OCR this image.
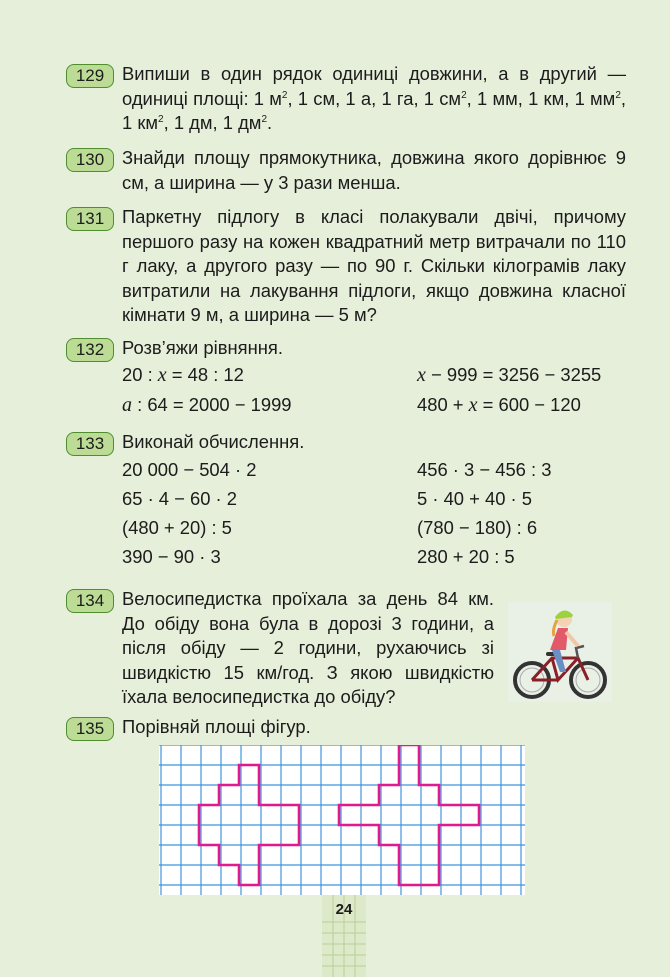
129 Випиши в один рядок одиниці довжини, а в другий — одиниці площі: 1 $м^2$, 1 см, 1 а, 1 га, 1 $см^2$, 1 мм, 1 км, 1 $мм^2$, 1 $км^2$, 1 дм, 1 $дм^2$.
130 Знайди площу прямокутника, довжина якого дорівнює 9 см, а ширина — у 3 рази менша.
131 Паркетну підлогу в класі полакували двічі, причому першого разу на кожен квадратний метр витрачали по 110 г лаку, а другого разу — по 90 г. Скільки кілограмів лаку витратили на лакування підлоги, якщо довжина класної кімнати 9 м, а ширина — 5 м?
132 Розв’яжи рівняння.
20 : x = 48 : 12	x − 999 = 3256 − 3255
a : 64 = 2000 − 1999	480 + x = 600 − 120
133 Виконай обчислення.
20 000 − 504 · 2	456 · 3 − 456 : 3
65 · 4 − 60 · 2	5 · 40 + 40 · 5
(480 + 20) : 5	(780 − 180) : 6
390 − 90 · 3	280 + 20 : 5
134 Велосипедистка проїхала за день 84 км. До обіду вона була в дорозі 3 години, а після обіду — 2 години, рухаючись зі швидкістю 15 км/год. З якою швидкістю їхала велосипедистка до обіду?
135 Порівняй площі фігур.
24
